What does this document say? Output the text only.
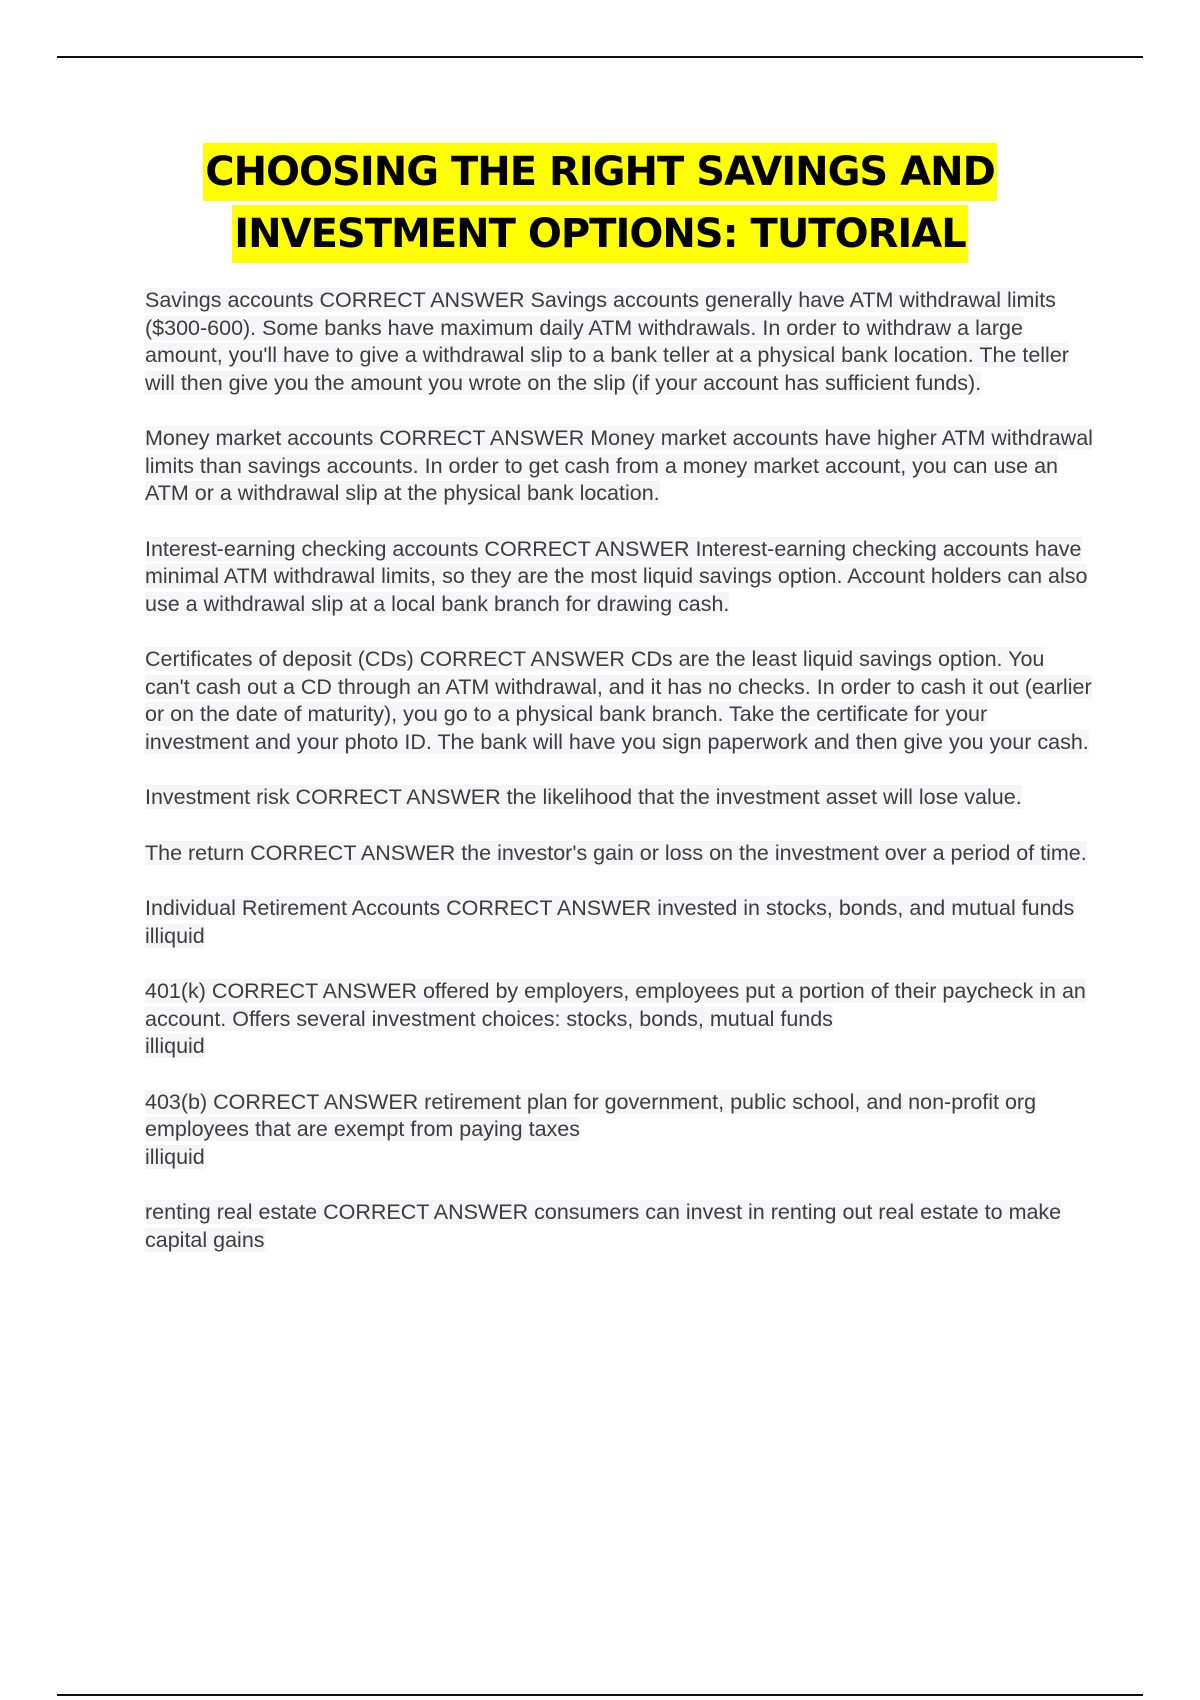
CHOOSING THE RIGHT SAVINGS AND
INVESTMENT OPTIONS: TUTORIAL

Savings accounts CORRECT ANSWER Savings accounts generally have ATM withdrawal limits ($300-600). Some banks have maximum daily ATM withdrawals. In order to withdraw a large amount, you'll have to give a withdrawal slip to a bank teller at a physical bank location. The teller will then give you the amount you wrote on the slip (if your account has sufficient funds).

Money market accounts CORRECT ANSWER Money market accounts have higher ATM withdrawal limits than savings accounts. In order to get cash from a money market account, you can use an ATM or a withdrawal slip at the physical bank location.

Interest-earning checking accounts CORRECT ANSWER Interest-earning checking accounts have minimal ATM withdrawal limits, so they are the most liquid savings option. Account holders can also use a withdrawal slip at a local bank branch for drawing cash.

Certificates of deposit (CDs) CORRECT ANSWER CDs are the least liquid savings option. You can't cash out a CD through an ATM withdrawal, and it has no checks. In order to cash it out (earlier or on the date of maturity), you go to a physical bank branch. Take the certificate for your investment and your photo ID. The bank will have you sign paperwork and then give you your cash.

Investment risk CORRECT ANSWER the likelihood that the investment asset will lose value.

The return CORRECT ANSWER the investor's gain or loss on the investment over a period of time.

Individual Retirement Accounts CORRECT ANSWER invested in stocks, bonds, and mutual funds
illiquid

401(k) CORRECT ANSWER offered by employers, employees put a portion of their paycheck in an account. Offers several investment choices: stocks, bonds, mutual funds
illiquid

403(b) CORRECT ANSWER retirement plan for government, public school, and non-profit org employees that are exempt from paying taxes
illiquid

renting real estate CORRECT ANSWER consumers can invest in renting out real estate to make capital gains
